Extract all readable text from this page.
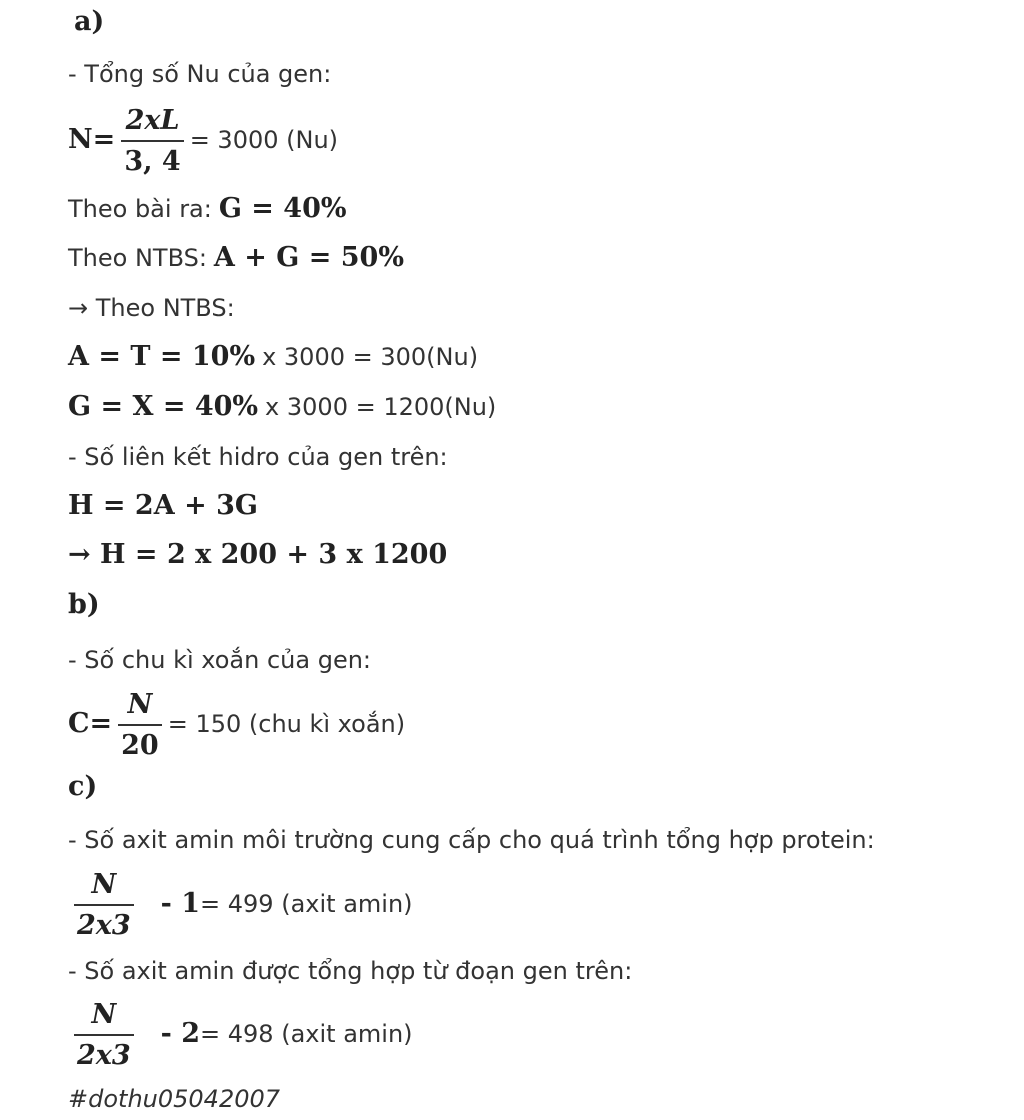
a)
- Tổng số Nu của gen:
$N= \frac{2xL}{3, 4} = 3000$ (Nu)
Theo bài ra: G = 40%
Theo NTBS: A + G = 50%
→ Theo NTBS:
A = T = 10% x 3000 = 300(Nu)
G = X = 40% x 3000 = 1200(Nu)
- Số liên kết hidro của gen trên:
H = 2A + 3G
→ H = 2 x 200 + 3 x 1200
b)
- Số chu kì xoắn của gen:
$C= \frac{N}{20} = 150$ (chu kì xoắn)
c)
- Số axit amin môi trường cung cấp cho quá trình tổng hợp protein:
$\frac{N}{2x3} - 1= 499$ (axit amin)
- Số axit amin được tổng hợp từ đoạn gen trên:
$\frac{N}{2x3} - 2= 498$ (axit amin)
#dothu05042007
